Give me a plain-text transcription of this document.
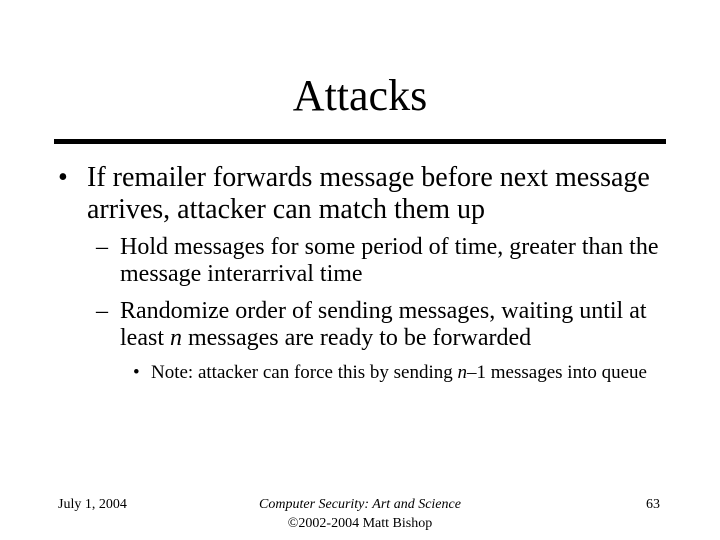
Attacks
• If remailer forwards message before next message arrives, attacker can match them up
– Hold messages for some period of time, greater than the message interarrival time
– Randomize order of sending messages, waiting until at least n messages are ready to be forwarded
• Note: attacker can force this by sending n–1 messages into queue
July 1, 2004	Computer Security: Art and Science
©2002-2004 Matt Bishop
63
